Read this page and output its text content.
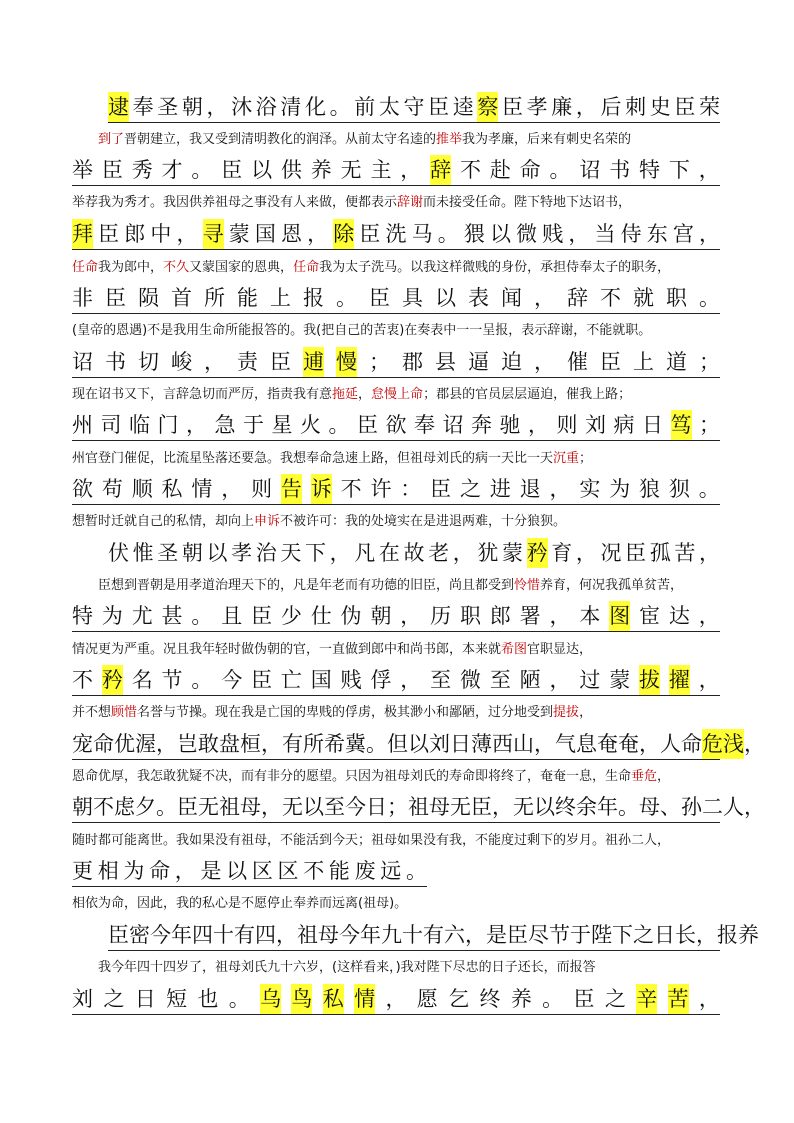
逮 奉 圣 朝 ， 沐 浴 清 化 。 前 太 守 臣 逵 察 臣 孝 廉 ， 后 刺 史 臣 荣
到了晋朝建立，我又受到清明教化的润泽。从前太守名逵的推举我为孝廉，后来有刺史名荣的
举 臣 秀 才 。 臣 以 供 养 无 主 ， 辞 不 赴 命 。 诏 书 特 下 ，
举荐我为秀才。我因供养祖母之事没有人来做，便都表示辞谢而未接受任命。陛下特地下达诏书，
拜 臣 郎 中 ， 寻 蒙 国 恩 ， 除 臣 洗 马 。 猥 以 微 贱 ， 当 侍 东 宫 ，
任命我为郎中，不久又蒙国家的恩典，任命我为太子洗马。以我这样微贱的身份，承担侍奉太子的职务，
非 臣 陨 首 所 能 上 报 。 臣 具 以 表 闻 ， 辞 不 就 职 。
(皇帝的恩遇)不是我用生命所能报答的。我(把自己的苦衷)在奏表中一一呈报，表示辞谢，不能就职。
诏 书 切 峻 ， 责 臣 逋 慢 ； 郡 县 逼 迫 ， 催 臣 上 道 ；
现在诏书又下，言辞急切而严厉，指责我有意拖延，怠慢上命；郡县的官员层层逼迫，催我上路；
州 司 临 门 ， 急 于 星 火 。 臣 欲 奉 诏 奔 驰 ， 则 刘 病 日 笃 ；
州官登门催促，比流星坠落还要急。我想奉命急速上路，但祖母刘氏的病一天比一天沉重；
欲 苟 顺 私 情 ， 则 告 诉 不 许 ： 臣 之 进 退 ， 实 为 狼 狈 。
想暂时迁就自己的私情，却向上申诉不被许可：我的处境实在是进退两难，十分狼狈。
伏 惟 圣 朝 以 孝 治 天 下 ， 凡 在 故 老 ， 犹 蒙 矜 育 ， 况 臣 孤 苦 ，
臣想到晋朝是用孝道治理天下的，凡是年老而有功德的旧臣，尚且都受到怜惜养育，何况我孤单贫苦，
特 为 尤 甚 。 且 臣 少 仕 伪 朝 ， 历 职 郎 署 ， 本 图 宦 达 ，
情况更为严重。况且我年轻时做伪朝的官，一直做到郎中和尚书郎，本来就希图官职显达，
不 矜 名 节 。 今 臣 亡 国 贱 俘 ， 至 微 至 陋 ， 过 蒙 拔 擢 ，
并不想顾惜名誉与节操。现在我是亡国的卑贱的俘虏，极其渺小和鄙陋，过分地受到提拔，
宠 命 优 渥 ， 岂 敢 盘 桓 ， 有 所 希 冀 。 但 以 刘 日 薄 西 山 ， 气 息 奄 奄 ， 人 命 危 浅 ，
恩命优厚，我怎敢犹疑不决，而有非分的愿望。只因为祖母刘氏的寿命即将终了，奄奄一息，生命垂危，
朝 不 虑 夕 。 臣 无 祖 母 ， 无 以 至 今 日 ； 祖 母 无 臣 ， 无 以 终 余 年 。 母 、 孙 二 人 ，
随时都可能离世。我如果没有祖母，不能活到今天；祖母如果没有我，不能度过剩下的岁月。祖孙二人，
更 相 为 命 ， 是 以 区 区 不 能 废 远 。
相依为命，因此，我的私心是不愿停止奉养而远离(祖母)。
臣 密 今 年 四 十 有 四 ， 祖 母 今 年 九 十 有 六 ， 是 臣 尽 节 于 陛 下 之 日 长 ， 报 养
我今年四十四岁了，祖母刘氏九十六岁，(这样看来，)我对陛下尽忠的日子还长，而报答
刘 之 日 短 也 。 乌 鸟 私 情 ， 愿 乞 终 养 。 臣 之 辛 苦 ，
